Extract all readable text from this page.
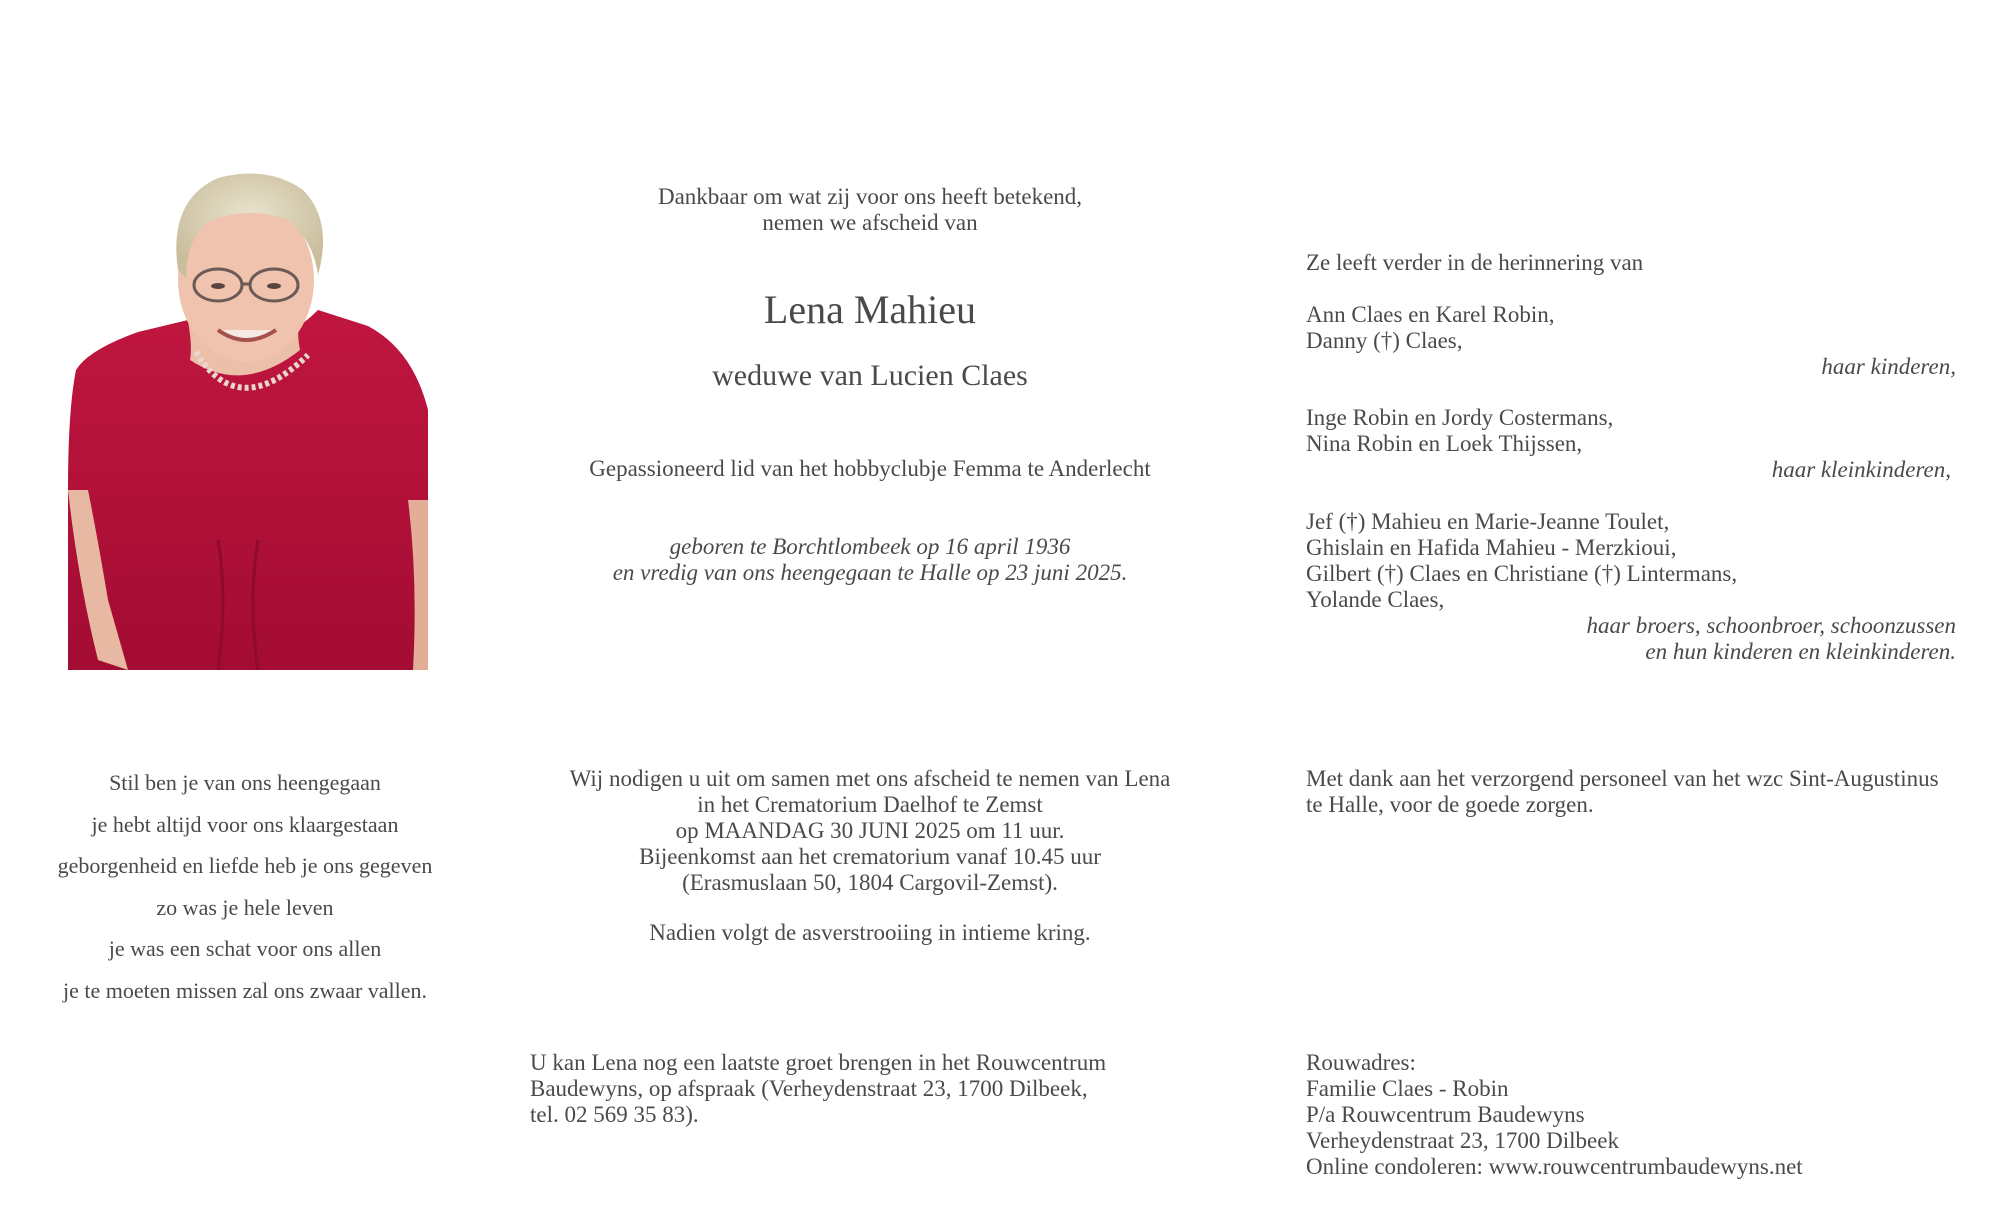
Dankbaar om wat zij voor ons heeft betekend,
nemen we afscheid van
Lena Mahieu
weduwe van Lucien Claes
Gepassioneerd lid van het hobbyclubje Femma te Anderlecht
geboren te Borchtlombeek op 16 april 1936
en vredig van ons heengegaan te Halle op 23 juni 2025.
Ze leeft verder in de herinnering van
Ann Claes en Karel Robin,
Danny (†) Claes,
haar kinderen,
Inge Robin en Jordy Costermans,
Nina Robin en Loek Thijssen,
haar kleinkinderen,
Jef (†) Mahieu en Marie-Jeanne Toulet,
Ghislain en Hafida Mahieu - Merzkioui,
Gilbert (†) Claes en Christiane (†) Lintermans,
Yolande Claes,
haar broers, schoonbroer, schoonzussen
en hun kinderen en kleinkinderen.
Stil ben je van ons heengegaan
je hebt altijd voor ons klaargestaan
geborgenheid en liefde heb je ons gegeven
zo was je hele leven
je was een schat voor ons allen
je te moeten missen zal ons zwaar vallen.
Wij nodigen u uit om samen met ons afscheid te nemen van Lena
in het Crematorium Daelhof te Zemst
op MAANDAG 30 JUNI 2025 om 11 uur.
Bijeenkomst aan het crematorium vanaf 10.45 uur
(Erasmuslaan 50, 1804 Cargovil-Zemst).
Nadien volgt de asverstrooiing in intieme kring.
U kan Lena nog een laatste groet brengen in het Rouwcentrum
Baudewyns, op afspraak (Verheydenstraat 23, 1700 Dilbeek,
tel. 02 569 35 83).
Met dank aan het verzorgend personeel van het wzc Sint-Augustinus
te Halle, voor de goede zorgen.
Rouwadres:
Familie Claes - Robin
P/a Rouwcentrum Baudewyns
Verheydenstraat 23, 1700 Dilbeek
Online condoleren: www.rouwcentrumbaudewyns.net
